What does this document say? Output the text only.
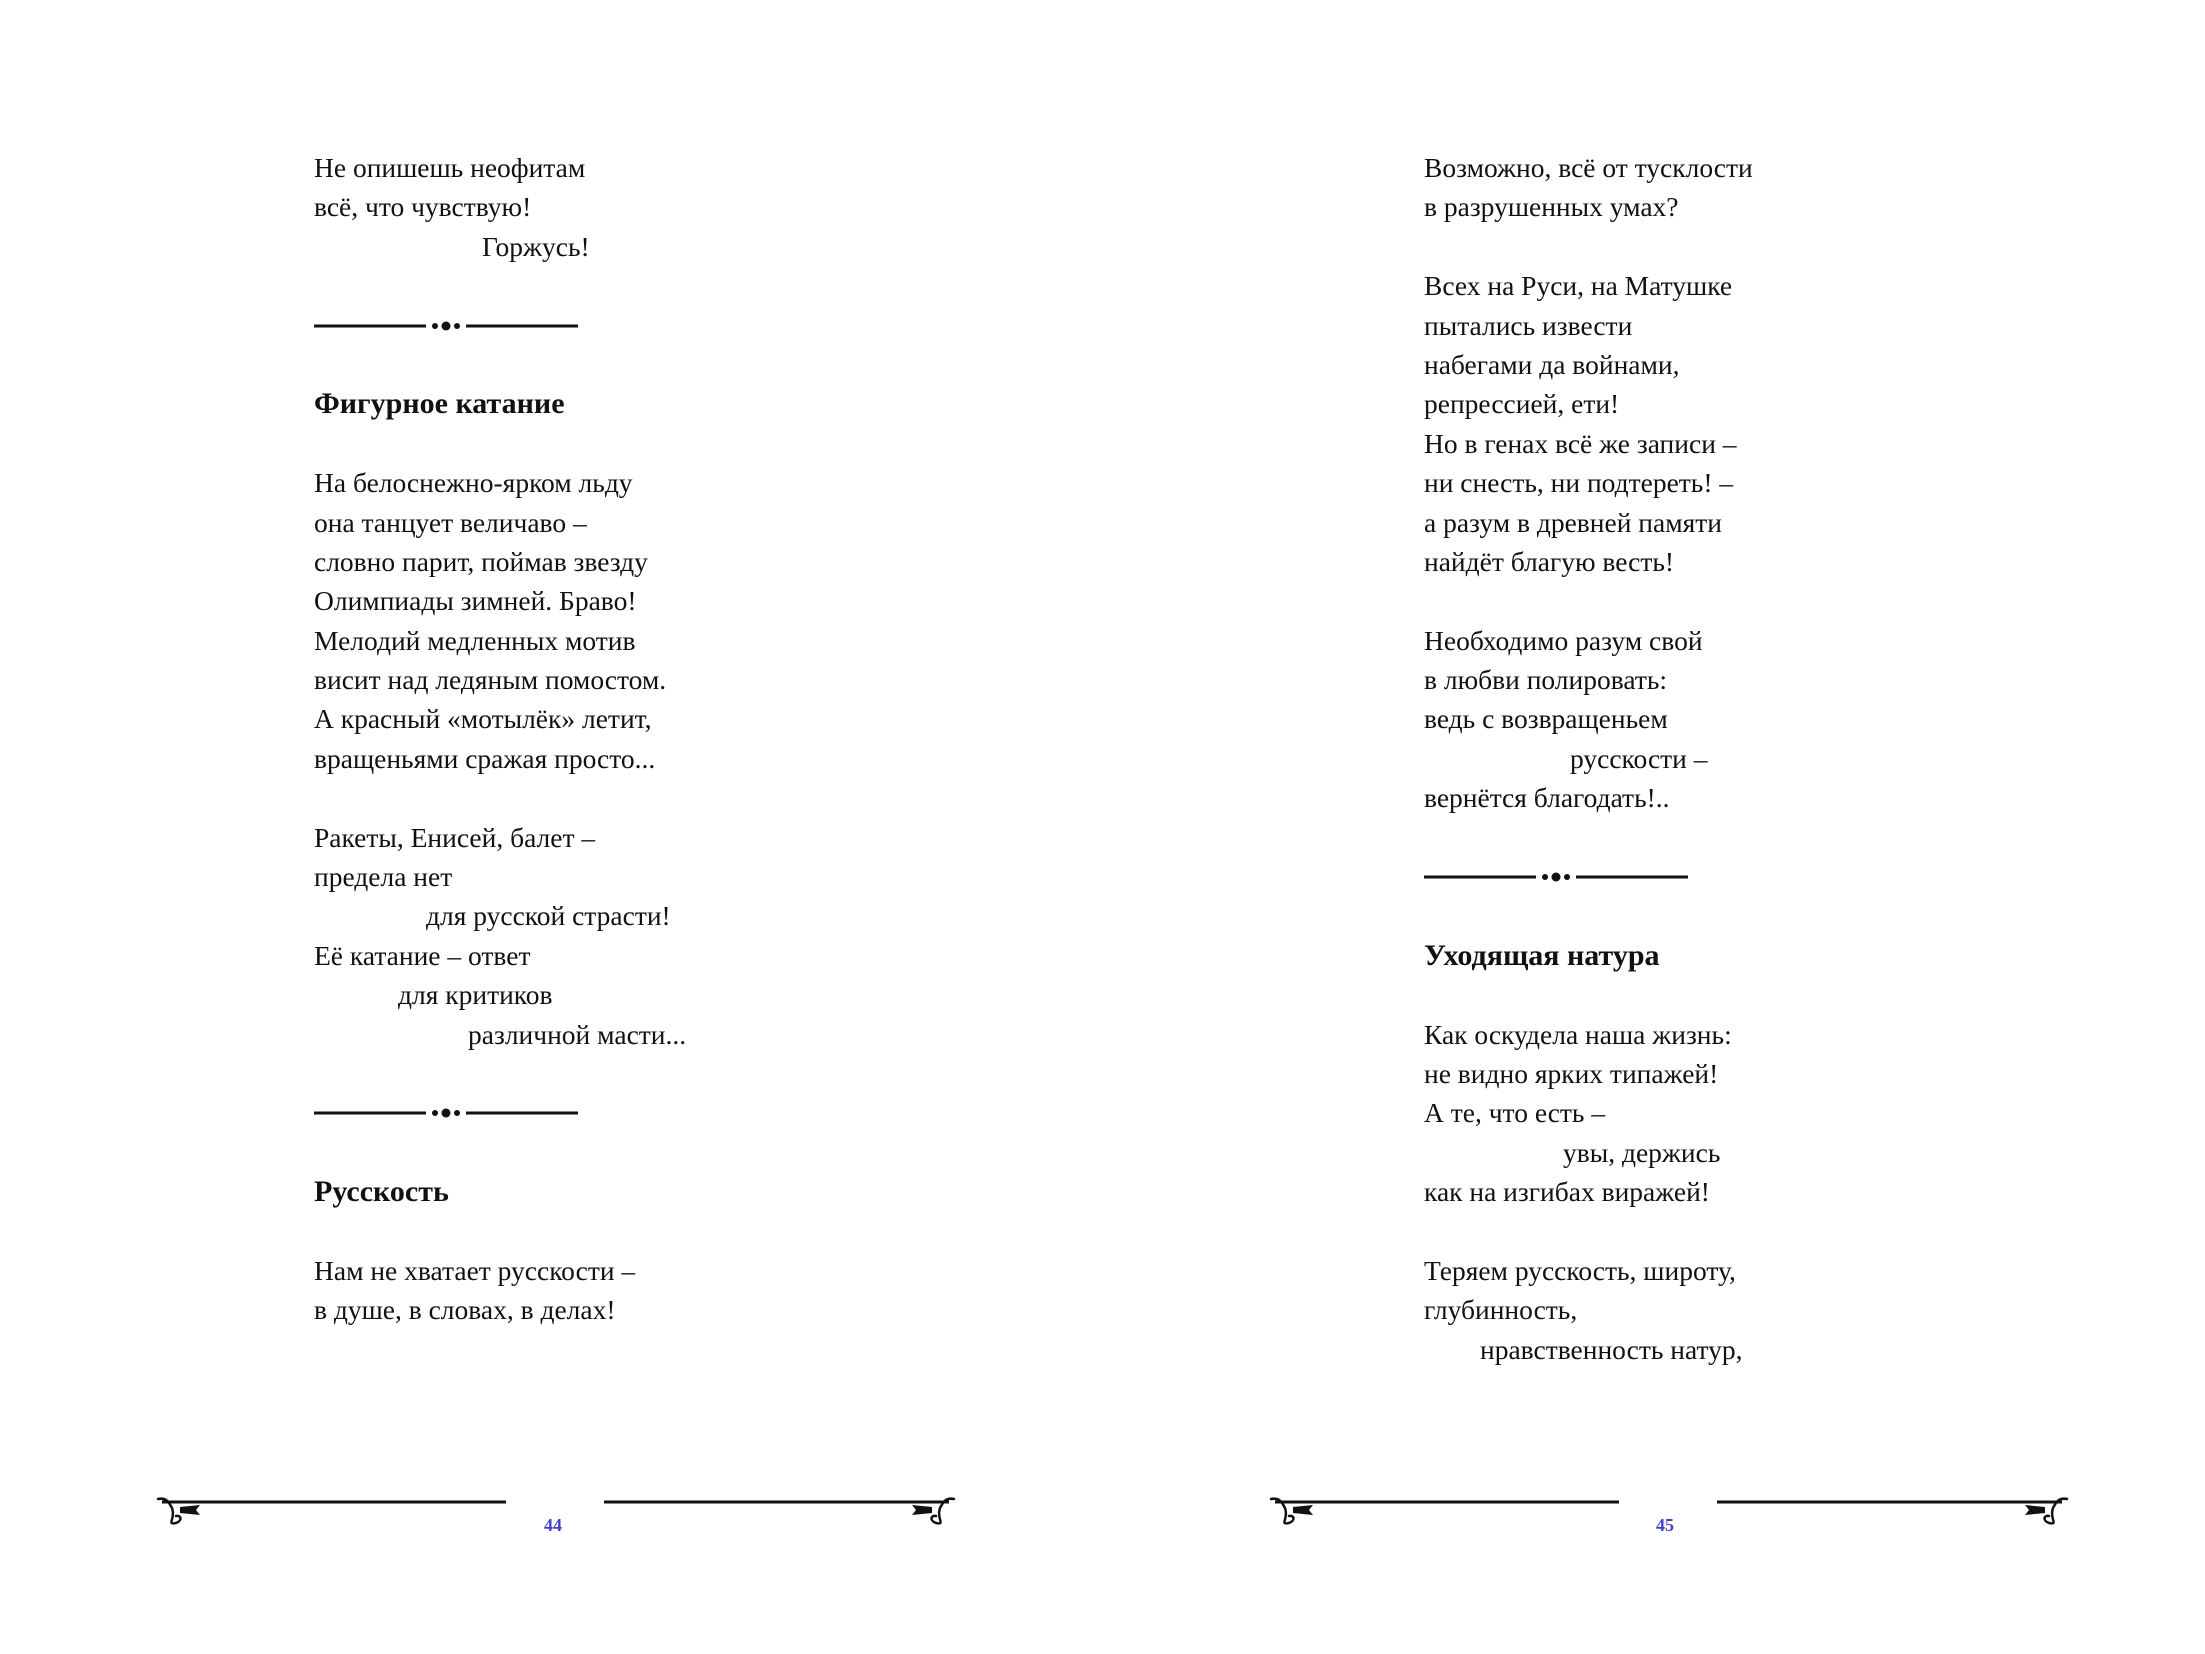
Не опишешь неофитам
всё, что чувствую!
Горжусь!
Фигурное катание
На белоснежно-ярком льду
она танцует величаво –
словно парит, поймав звезду
Олимпиады зимней. Браво!
Мелодий медленных мотив
висит над ледяным помостом.
А красный «мотылёк» летит,
вращеньями сражая просто...
Ракеты, Енисей, балет –
предела нет
для русской страсти!
Её катание – ответ
для критиков
различной масти...
Русскость
Нам не хватает русскости –
в душе, в словах, в делах!
44
Возможно, всё от тусклости
в разрушенных умах?
Всех на Руси, на Матушке
пытались извести
набегами да войнами,
репрессией, ети!
Но в генах всё же записи –
ни снесть, ни подтереть! –
а разум в древней памяти
найдёт благую весть!
Необходимо разум свой
в любви полировать:
ведь с возвращеньем
русскости –
вернётся благодать!..
Уходящая натура
Как оскудела наша жизнь:
не видно ярких типажей!
А те, что есть –
увы, держись
как на изгибах виражей!
Теряем русскость, широту,
глубинность,
нравственность натур,
45
